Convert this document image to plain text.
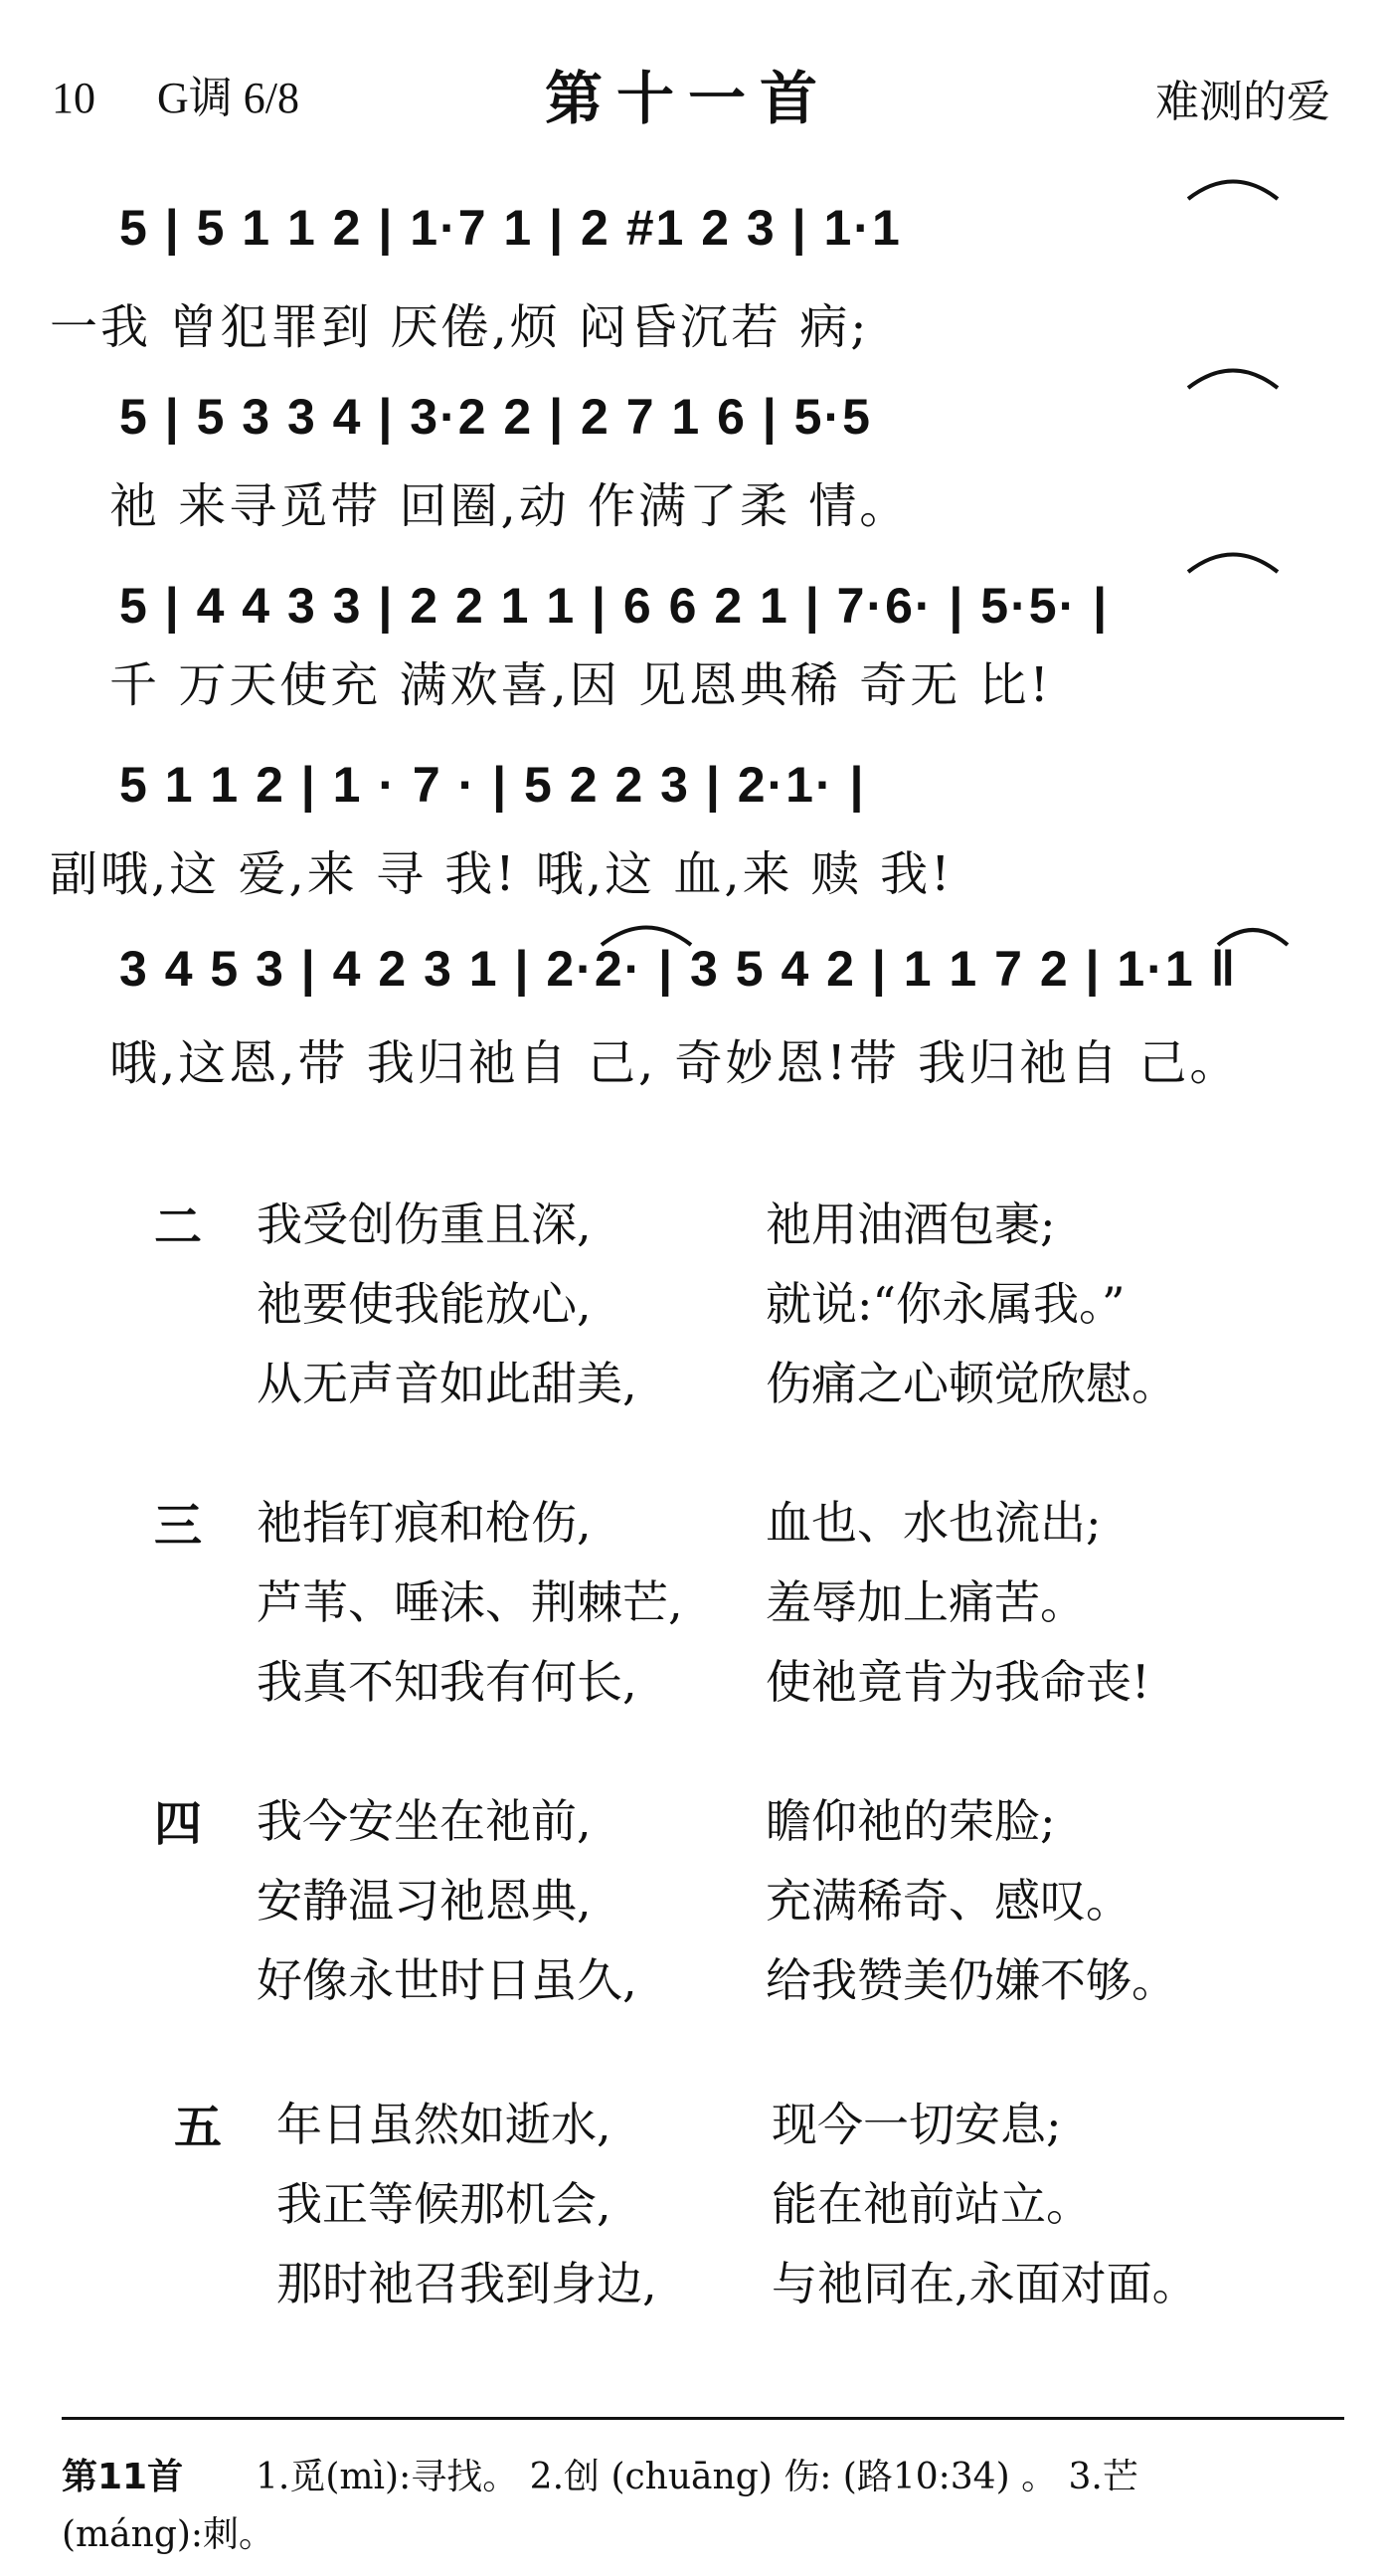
10 G调 6/8	第十一首	难测的爱
5 | 5 1 1 2 | 1·7 1 | 2 #1 2 3 | 1·1
一我 曾犯罪到 厌倦,烦 闷昏沉若 病;
5 | 5 3 3 4 | 3·2 2 | 2 7 1 6 | 5·5
祂 来寻觅带 回圈,动 作满了柔 情。
5 | 4 4 3 3 | 2 2 1 1 | 6 6 2 1 | 7·6· | 5·5· |
千 万天使充 满欢喜,因 见恩典稀 奇无 比!
5 1 1 2 | 1 · 7 · | 5 2 2 3 | 2·1· |
副哦,这 爱,来 寻 我! 哦,这 血,来 赎 我!
3 4 5 3 | 4 2 3 1 | 2·2· | 3 5 4 2 | 1 1 7 2 | 1·1 ‖
哦,这恩,带 我归祂自 己, 奇妙恩!带 我归祂自 己。
二 我受创伤重且深,	祂用油酒包裹;
祂要使我能放心,	就说:“你永属我。”
从无声音如此甜美,	伤痛之心顿觉欣慰。
三 祂指钉痕和枪伤,	血也、水也流出;
芦苇、唾沫、荆棘芒, 羞辱加上痛苦。
我真不知我有何长,	使祂竟肯为我命丧!
四 我今安坐在祂前,	瞻仰祂的荣脸;
安静温习祂恩典,	充满稀奇、感叹。
好像永世时日虽久,	给我赞美仍嫌不够。
五 年日虽然如逝水,	现今一切安息;
我正等候那机会,	能在祂前站立。
那时祂召我到身边,	与祂同在,永面对面。
第11首 1.觅(mì):寻找。 2.创 (chuāng) 伤: (路10:34) 。 3.芒
(máng):刺。
